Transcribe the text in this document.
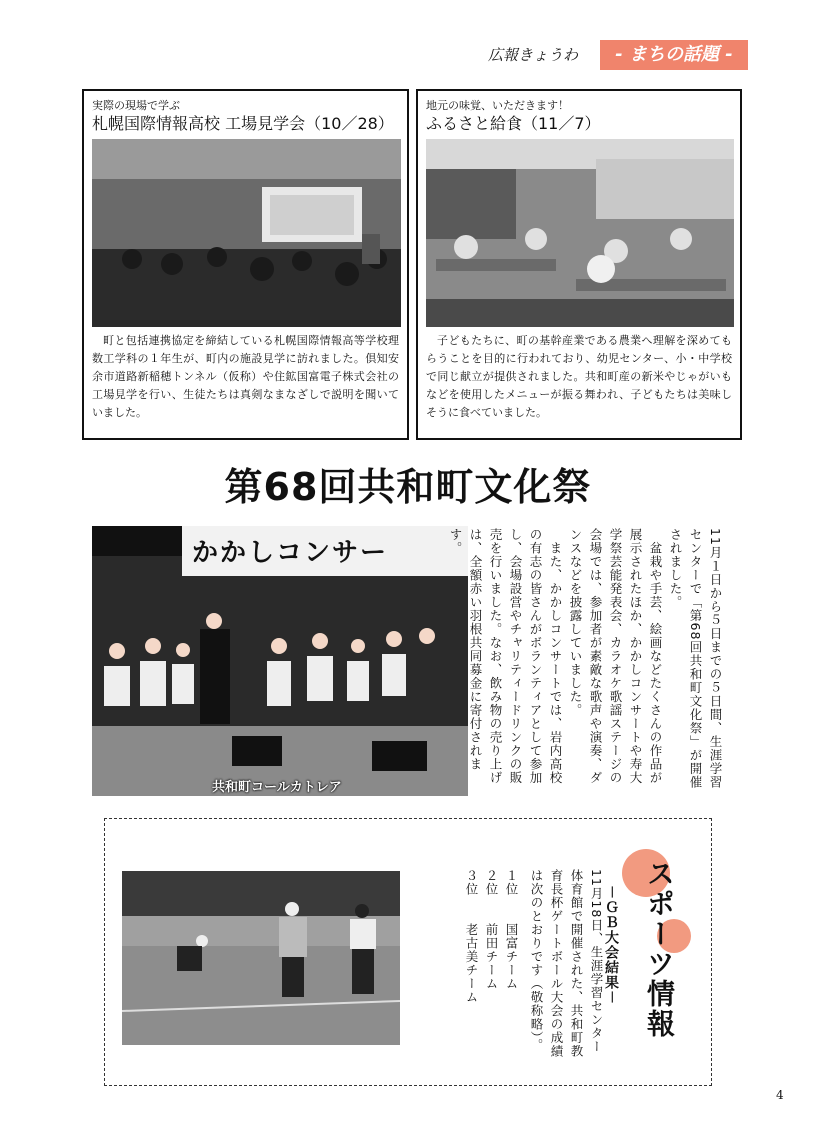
広報きょうわ	- まちの話題 -
実際の現場で学ぶ
札幌国際情報高校 工場見学会（10／28）
町と包括連携協定を締結している札幌国際情報高等学校理数工学科の１年生が、町内の施設見学に訪れました。倶知安余市道路新稲穂トンネル（仮称）や住鉱国富電子株式会社の工場見学を行い、生徒たちは真剣なまなざしで説明を聞いていました。
地元の味覚、いただきます！
ふるさと給食（11／7）
子どもたちに、町の基幹産業である農業へ理解を深めてもらうことを目的に行われており、幼児センター、小・中学校で同じ献立が提供されました。共和町産の新米やじゃがいもなどを使用したメニューが振る舞われ、子どもたちは美味しそうに食べていました。
第68回共和町文化祭
かかしコンサー
共和町コールカトレア	11月１日から５日までの５日間、生涯学習センターで「第68回共和町文化祭」が開催されました。
　盆栽や手芸、絵画などたくさんの作品が展示されたほか、かかしコンサートや寿大学祭芸能発表会、カラオケ歌謡ステージの会場では、参加者が素敵な歌声や演奏、ダンスなどを披露していました。
　また、かかしコンサートでは、岩内高校の有志の皆さんがボランティアとして参加し、会場設営やチャリティードリンクの販売を行いました。なお、飲み物の売り上げは、全額赤い羽根共同募金に寄付されます。
スポーツ情報
－ＧＢ大会結果－
11月18日、生涯学習センター体育館で開催された、共和町教育長杯ゲートボール大会の成績は次のとおりです（敬称略）。
１位　　国富チーム
２位　　前田チーム
３位　　老古美チーム
4
